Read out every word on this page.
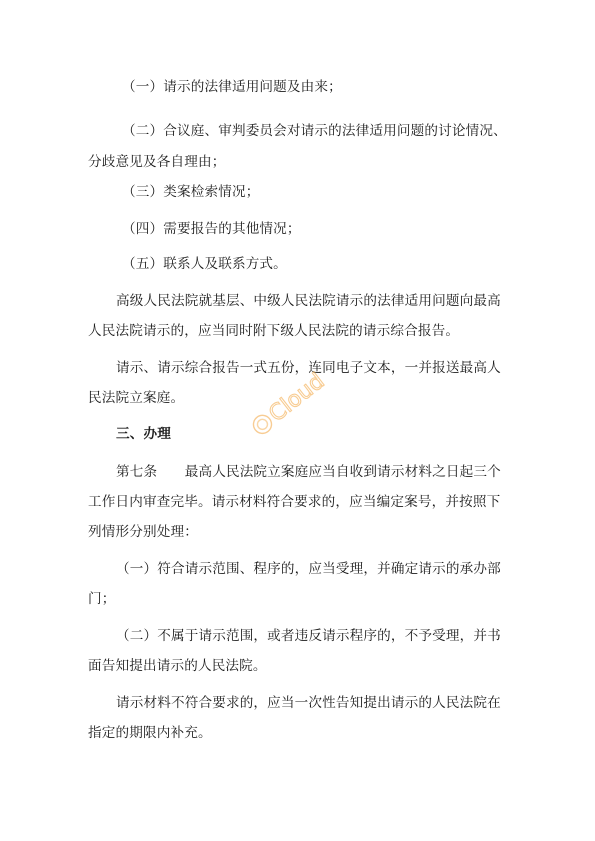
（一）请示的法律适用问题及由来；
（二）合议庭、审判委员会对请示的法律适用问题的讨论情况、
分歧意见及各自理由；
（三）类案检索情况；
（四）需要报告的其他情况；
（五）联系人及联系方式。
高级人民法院就基层、中级人民法院请示的法律适用问题向最高
人民法院请示的，应当同时附下级人民法院的请示综合报告。
请示、请示综合报告一式五份，连同电子文本，一并报送最高人
民法院立案庭。
三、办理
第七条　　最高人民法院立案庭应当自收到请示材料之日起三个
工作日内审查完毕。请示材料符合要求的，应当编定案号，并按照下
列情形分别处理：
（一）符合请示范围、程序的，应当受理，并确定请示的承办部
门；
（二）不属于请示范围，或者违反请示程序的，不予受理，并书
面告知提出请示的人民法院。
请示材料不符合要求的，应当一次性告知提出请示的人民法院在
指定的期限内补充。
Cloud
